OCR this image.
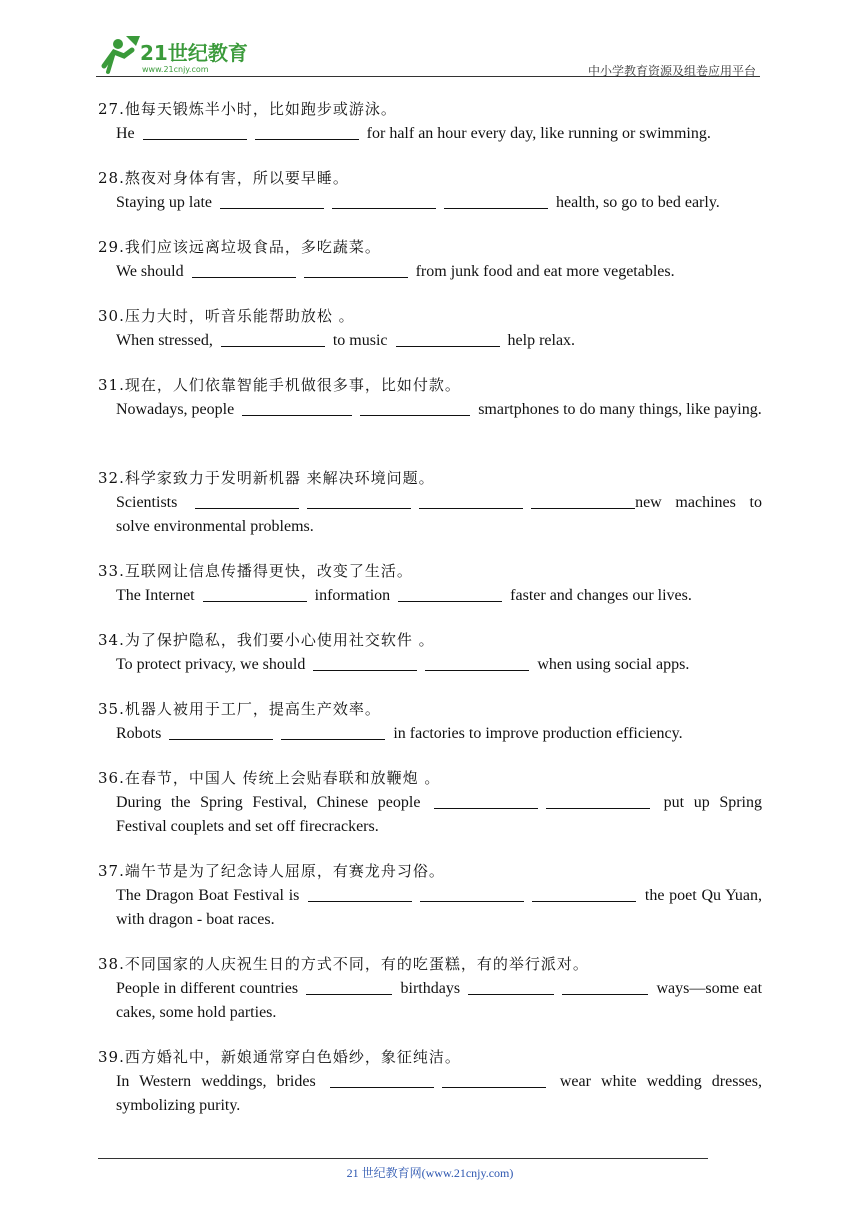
21世纪教育
www.21cnjy.com	中小学教育资源及组卷应用平台
27.他每天锻炼半小时，比如跑步或游泳。
He	for half an hour every day, like running or swimming.
28.熬夜对身体有害，所以要早睡。
Staying up late	health, so go to bed early.
29.我们应该远离垃圾食品，多吃蔬菜。
We should	from junk food and eat more vegetables.
30.压力大时，听音乐能帮助放松 。
When stressed,	to music	help relax.
31.现在，人们依靠智能手机做很多事，比如付款。
Nowadays, people	smartphones to do many things, like paying.
32.科学家致力于发明新机器 来解决环境问题。
Scientists	new machines to solve environmental problems.
33.互联网让信息传播得更快，改变了生活。
The Internet	information	faster and changes our lives.
34.为了保护隐私，我们要小心使用社交软件 。
To protect privacy, we should	when using social apps.
35.机器人被用于工厂，提高生产效率。
Robots	in factories to improve production efficiency.
36.在春节，中国人 传统上会贴春联和放鞭炮 。
During the Spring Festival, Chinese people	put up Spring Festival couplets and set off firecrackers.
37.端午节是为了纪念诗人屈原，有赛龙舟习俗。
The Dragon Boat Festival is	the poet Qu Yuan, with dragon - boat races.
38.不同国家的人庆祝生日的方式不同，有的吃蛋糕，有的举行派对。
People in different countries	birthdays	ways—some eat cakes, some hold parties.
39.西方婚礼中，新娘通常穿白色婚纱，象征纯洁。
In Western weddings, brides	wear white wedding dresses, symbolizing purity.
21 世纪教育网(www.21cnjy.com)
